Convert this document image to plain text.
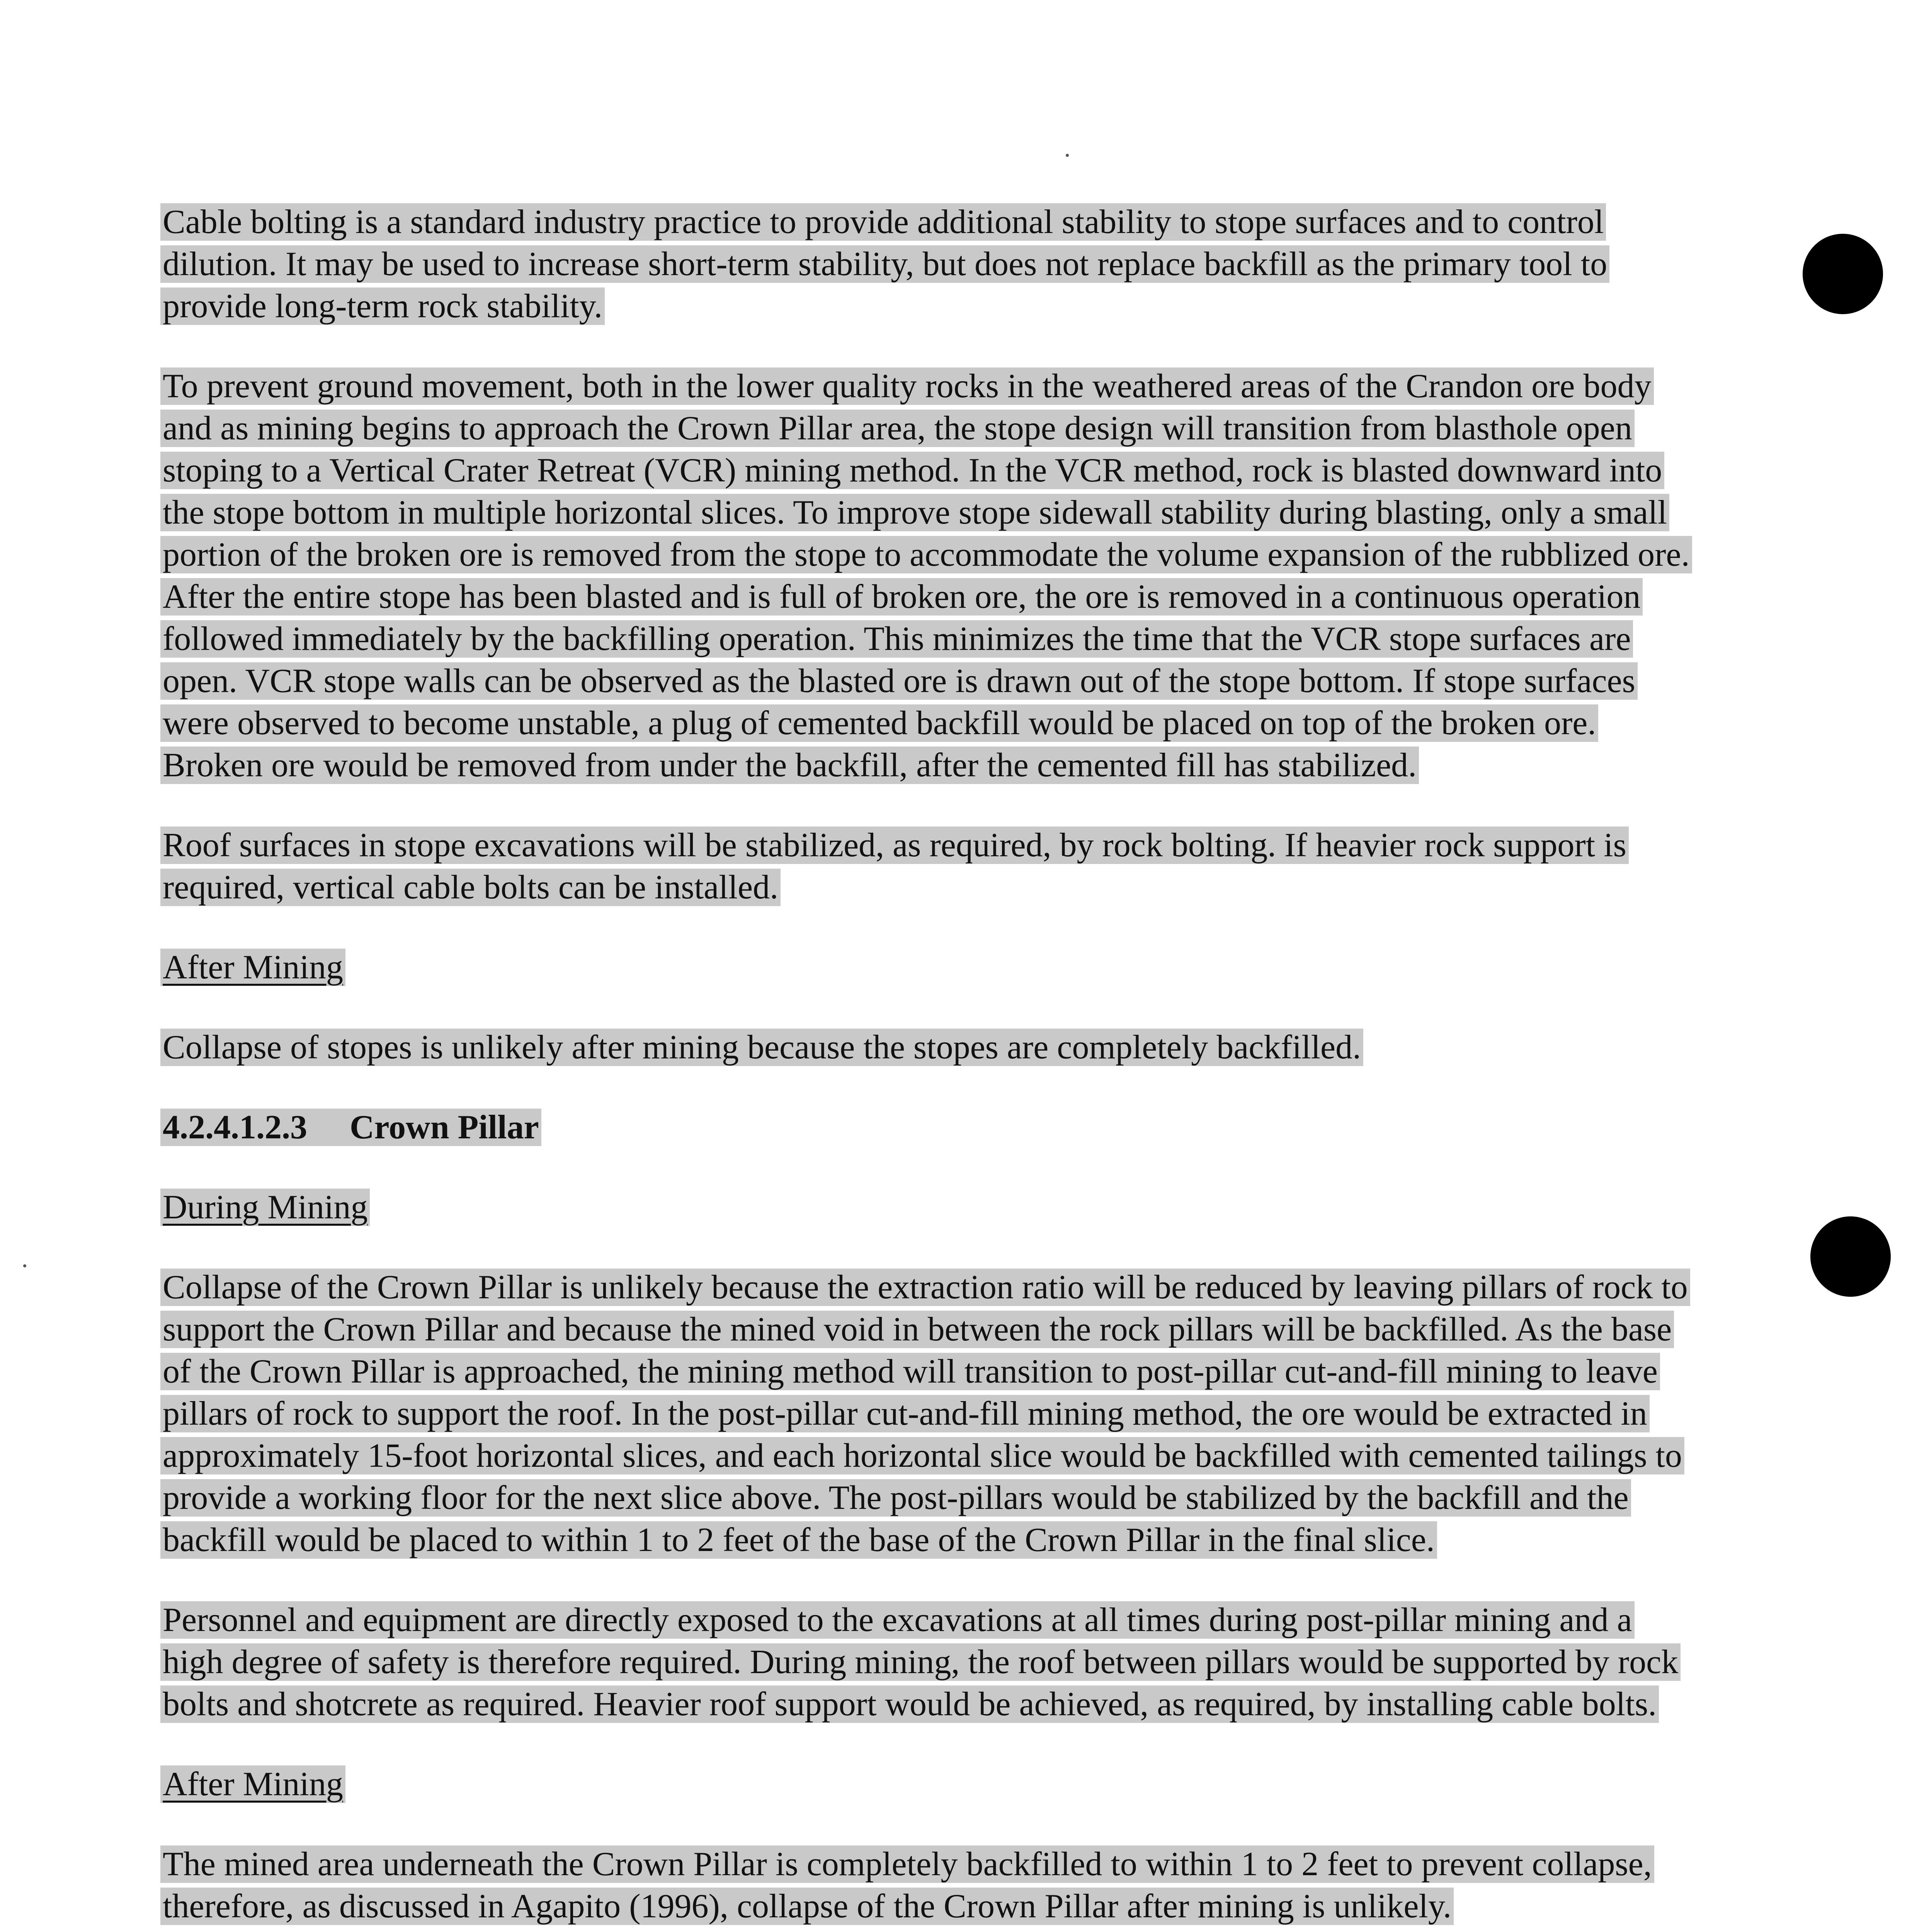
Cable bolting is a standard industry practice to provide additional stability to stope surfaces and to control dilution. It may be used to increase short-term stability, but does not replace backfill as the primary tool to provide long-term rock stability.

To prevent ground movement, both in the lower quality rocks in the weathered areas of the Crandon ore body and as mining begins to approach the Crown Pillar area, the stope design will transition from blasthole open stoping to a Vertical Crater Retreat (VCR) mining method. In the VCR method, rock is blasted downward into the stope bottom in multiple horizontal slices. To improve stope sidewall stability during blasting, only a small portion of the broken ore is removed from the stope to accommodate the volume expansion of the rubblized ore. After the entire stope has been blasted and is full of broken ore, the ore is removed in a continuous operation followed immediately by the backfilling operation. This minimizes the time that the VCR stope surfaces are open. VCR stope walls can be observed as the blasted ore is drawn out of the stope bottom. If stope surfaces were observed to become unstable, a plug of cemented backfill would be placed on top of the broken ore. Broken ore would be removed from under the backfill, after the cemented fill has stabilized.

Roof surfaces in stope excavations will be stabilized, as required, by rock bolting. If heavier rock support is required, vertical cable bolts can be installed.

After Mining

Collapse of stopes is unlikely after mining because the stopes are completely backfilled.

4.2.4.1.2.3 Crown Pillar

During Mining

Collapse of the Crown Pillar is unlikely because the extraction ratio will be reduced by leaving pillars of rock to support the Crown Pillar and because the mined void in between the rock pillars will be backfilled. As the base of the Crown Pillar is approached, the mining method will transition to post-pillar cut-and-fill mining to leave pillars of rock to support the roof. In the post-pillar cut-and-fill mining method, the ore would be extracted in approximately 15-foot horizontal slices, and each horizontal slice would be backfilled with cemented tailings to provide a working floor for the next slice above. The post-pillars would be stabilized by the backfill and the backfill would be placed to within 1 to 2 feet of the base of the Crown Pillar in the final slice.

Personnel and equipment are directly exposed to the excavations at all times during post-pillar mining and a high degree of safety is therefore required. During mining, the roof between pillars would be supported by rock bolts and shotcrete as required. Heavier roof support would be achieved, as required, by installing cable bolts.

After Mining

The mined area underneath the Crown Pillar is completely backfilled to within 1 to 2 feet to prevent collapse, therefore, as discussed in Agapito (1996), collapse of the Crown Pillar after mining is unlikely.
